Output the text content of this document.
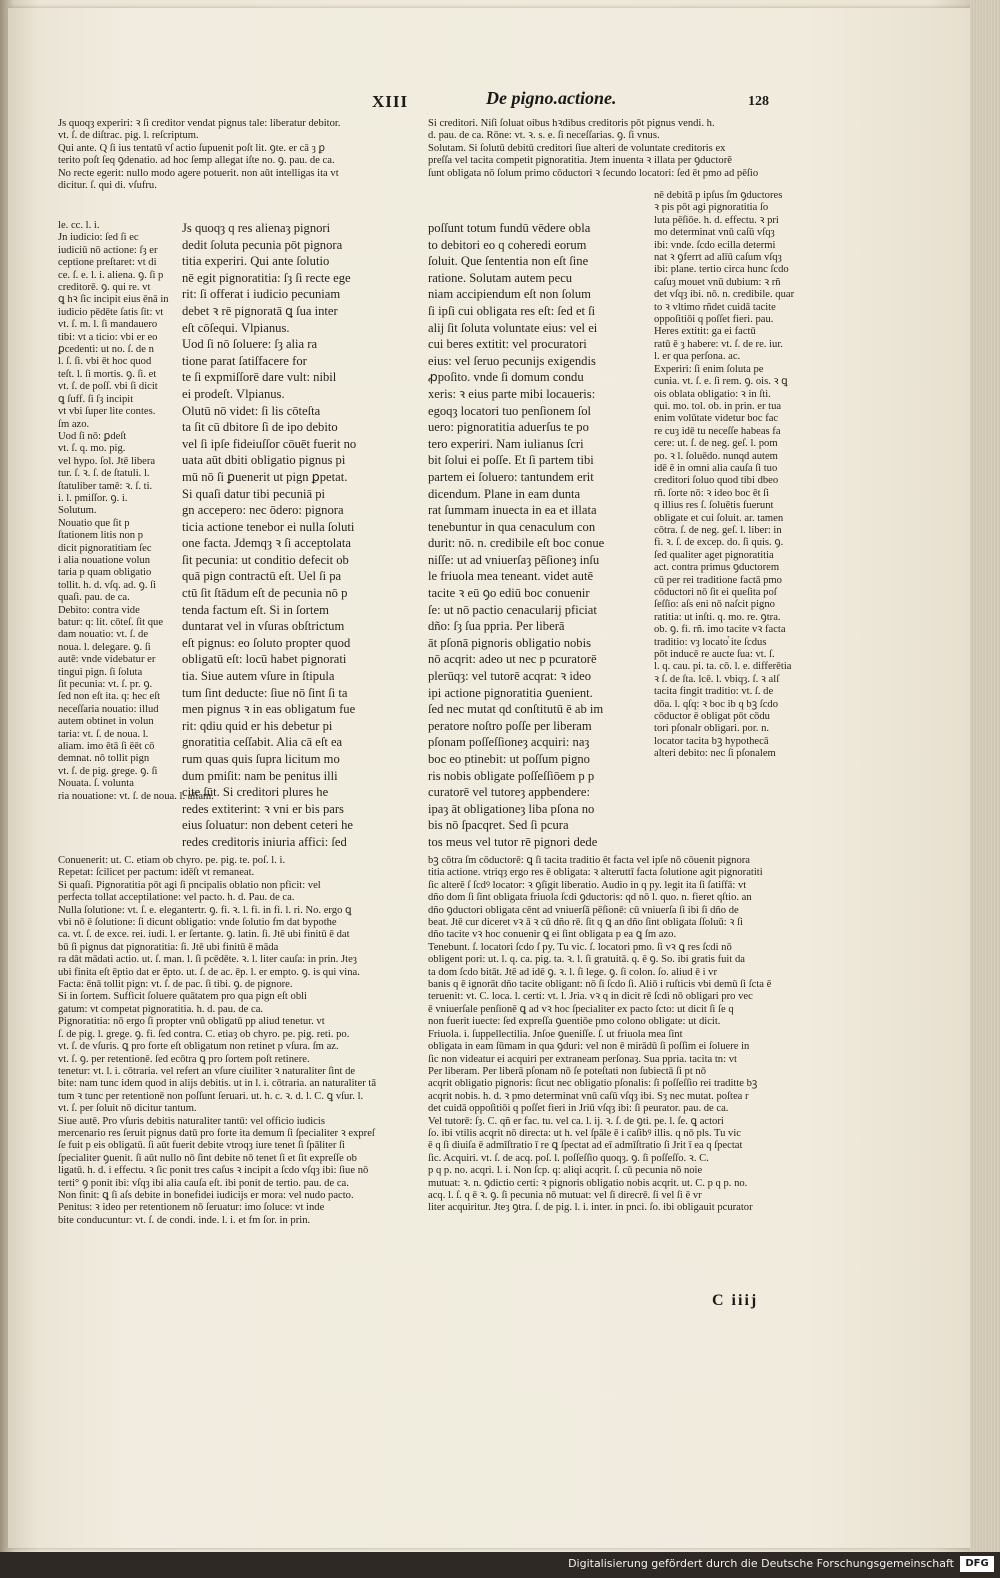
XIII	De pigno.actione.	128

Js quoqȝ experiri: ꝛ ſi creditor vendat pignus tale: liberatur debitor.

vt. ſ. de diſtrac. pig. l. reſcriptum.

Qui ante. Q ſi ius tentatū vſ actio ſupuenit poſt lit. ꝯte. er cā ȝ ꝑ

terito poſt ſeq ꝯdenatio. ad hoc ſemp allegat iſte no. ꝯ. pau. de ca.

No recte egerit: nullo modo agere potuerit. non aūt intelligas ita vt

dicitur. ſ. qui di. vſufru.

Si creditori. Niſi ſoluat oibus hꝛdibus creditoris pōt pignus vendi. h.

d. pau. de ca. Rōne: vt. ꝛ. s. e. ſi neceſſarias. ꝯ. ſi vnus.

Solutam. Si ſolutū debitū creditori ſiue alteri de voluntate creditoris ex

preſſa vel tacita competit pignoratitia. Jtem inuenta ꝛ illata per ꝯductorē

ſunt obligata nō ſolum primo cōductori ꝛ ſecundo locatori: ſed ēt pmo ad pēſio

le. cc. l. i.

Jn iudicio: ſed ſi ec

iudiciū nō actione: ſȝ er

ceptione preſtaret: vt di

ce. ſ. e. l. i. aliena. ꝯ. ſi p

creditorē. ꝯ. qui re. vt

ꝗ hꝛ ſic incipit eius ēnā in

iudicio pēdēte ſatis ſit: vt

vt. ſ. m. l. ſi mandauero

tibi: vt a ticio: vbi er eo

ꝑcedenti: ut no. ſ. de n

l. ſ. ſi. vbi ēt hoc quod

teſt. l. ſi mortis. ꝯ. ſi. et

vt. ſ. de poſſ. vbi ſi dicit

ꝗ ſuff. ſi ſȝ incipit

vt vbi ſuper lite contes.

ſm azo.

Uod ſi nō: ꝑdeſt

vt. ſ. q. mo. pig.

vel hypo. ſol. Jtē libera

tur. ſ. ꝛ. ſ. de ſtatuli. l.

ſtatuliber tamē: ꝛ. ſ. ti.

i. l. pmiſſor. ꝯ. i.

Solutum.

Nouatio que ſit p

ſtationem litis non p

dicit pignoratitiam ſec

i alia nouatione volun

taria p quam obligatio

tollit. h. d. vſq. ad. ꝯ. ſi

quaſi. pau. de ca.

Debito: contra vide

batur: q: lit. cōteſ. ſit que

dam nouatio: vt. ſ. de

noua. l. delegare. ꝯ. ſi

autē: vnde videbatur er

tingui pign. ſi ſoluta

ſit pecunia: vt. ſ. pr. ꝯ.

ſed non eſt ita. q: hec eſt

neceſſaria nouatio: illud

autem obtinet in volun

taria: vt. ſ. de noua. l.

aliam. imo ētā ſi ēēt cō

demnat. nō tollit pign

vt. ſ. de pig. grege. ꝯ. ſi

Nouata. ſ. volunta

ria nouatione: vt. ſ. de noua. l. aliam.

Js quoqȝ q res alienaȝ pignori

dedit ſoluta pecunia pōt pignora

titia experiri. Qui ante ſolutio

nē egit pignoratitia: ſȝ ſi recte ege

rit: ſi offerat i iudicio pecuniam

debet ꝛ rē pignoratā ꝗ ſua inter

eſt cōſequi. Vlpianus.

Uod ſi nō ſoluere: ſȝ alia ra

tione parat ſatiſfacere for

te ſi expmiſſorē dare vult: nibil

ei prodeſt. Vlpianus.

Olutū nō videt: ſi lis cōteſta

ta ſit cū dbitore ſi de ipo debito

vel ſi ipſe fideiuſſor cōuēt fuerit no

uata aūt dbiti obligatio pignus pi

mū nō ſi ꝑuenerit ut pign ꝑpetat.

Si quaſi datur tibi pecuniā pi

gn accepero: nec ōdero: pignora

ticia actione tenebor ei nulla ſoluti

one facta. Jdemqȝ ꝛ ſi acceptolata

ſit pecunia: ut conditio defecit ob

quā pign contractū eſt. Uel ſi pa

ctū ſit ſtādum eſt de pecunia nō p

tenda factum eſt. Si in ſortem

duntarat vel in vſuras obſtrictum

eſt pignus: eo ſoluto propter quod

obligatū eſt: locū habet pignorati

tia. Siue autem vſure in ſtipula

tum ſint deducte: ſiue nō ſint ſi ta

men pignus ꝛ in eas obligatum fue

rit: qdiu quid er his debetur pi

gnoratitia ceſſabit. Alia cā eſt ea

rum quas quis ſupra licitum mo

dum pmiſit: nam be penitus illi

cite ſūt. Si creditori plures he

redes extiterint: ꝛ vni er bis pars

eius ſoluatur: non debent ceteri he

redes creditoris iniuria affici: ſed

poſſunt totum fundū vēdere obla

to debitori eo q coheredi eorum

ſoluit. Que ſententia non eſt ſine

ratione. Solutam autem pecu

niam accipiendum eſt non ſolum

ſi ipſi cui obligata res eſt: ſed et ſi

alij ſit ſoluta voluntate eius: vel ei

cui beres extitit: vel procuratori

eius: vel ſeruo pecunijs exigendis

ꝓpoſito. vnde ſi domum condu

xeris: ꝛ eius parte mibi locaueris:

egoqȝ locatori tuo penſionem ſol

uero: pignoratitia aduerſus te po

tero experiri. Nam iulianus ſcri

bit ſolui ei poſſe. Et ſi partem tibi

partem ei ſoluero: tantundem erit

dicendum. Plane in eam dunta

rat ſummam inuecta in ea et illata

tenebuntur in qua cenaculum con

durit: nō. n. credibile eſt boc conue

niſſe: ut ad vniuerſaȝ pēſioneȝ inſu

le friuola mea teneant. videt autē

tacite ꝛ eū ꝯo ediū boc conuenir

ſe: ut nō pactio cenacularij pficiat

dño: ſȝ ſua ppria. Per liberā

āt pſonā pignoris obligatio nobis

nō acqrit: adeo ut nec p pcuratorē

plerūqȝ: vel tutorē acqrat: ꝛ ideo

ipi actione pignoratitia ꝯuenient.

ſed nec mutat qd conſtitutū ē ab im

peratore noſtro poſſe per liberam

pſonam poſſeſſioneȝ acquiri: naȝ

boc eo ptinebit: ut poſſum pigno

ris nobis obligate poſſeſſiōem p p

curatorē vel tutoreȝ appbendere:

ipaȝ āt obligationeȝ liba pſona no

bis nō ſpacqret. Sed ſi pcura

tos meus vel tutor rē pignori dede

nē debitā p ipſus ſm ꝯductores

ꝛ pis pōt agi pignoratitia ſo

luta pēſiōe. h. d. effectu. ꝛ pri

mo determinat vnū caſū vſqȝ

ibi: vnde. ſcdo ecilla determi

nat ꝛ ꝯferrt ad alīū caſum vſqȝ

ibi: plane. tertio circa hunc ſcdo

caſuȝ mouet vnū dubium: ꝛ rñ

det vſqȝ ibi. nō. n. credibile. quar

to ꝛ vltimo rñdet cuidā tacite

oppoſitiōi q poſſet fieri. pau.

Heres extitit: ga ei factū

ratū ē ȝ habere: vt. ſ. de re. iur.

l. er qua perſona. ac.

Experiri: ſi enim ſoluta pe

cunia. vt. ſ. e. ſi rem. ꝯ. ois. ꝛ ꝗ

ois oblata obligatio: ꝛ in ſti.

qui. mo. tol. ob. in prin. er tua

enim volūtate videtur boc fac

re cuȝ idē tu neceſſe habeas fa

cere: ut. ſ. de neg. geſ. l. pom

po. ꝛ l. ſoluēdo. nunqd autem

idē ē in omni alia cauſa ſi tuo

creditori ſoluo quod tibi dbeo

rñ. ſorte nō: ꝛ ideo boc ēt ſi

q illius res ſ. ſoluētis fuerunt

obligate et cui ſoluit. ar. tamen

cōtra. ſ. de neg. geſ. l. liber: in

fi. ꝛ. ſ. de excep. do. ſi quis. ꝯ.

ſed qualiter aget pignoratitia

act. contra primus ꝯductorem

cū per rei traditione factā pmo

cōductori nō ſit ei queſita poſ

ſeſſio: aſs eni nō naſcit pigno

ratitia: ut inſti. q. mo. re. ꝯtra.

ob. ꝯ. fi. rñ. imo tacite vꝛ facta

traditio: vȝ locatoⷮ ite ſcdus

pōt inducē re aucte ſua: vt. ſ.

l. q. cau. pi. ta. cō. l. e. differētia

ꝛ ſ. de ſta. lcē. l. vbiqȝ. ſ. ꝛ alſ

tacita fingit traditio: vt. ſ. de

dōa. l. qſq: ꝛ boc ib q bꝫ ſcdo

cōductor ē obligat pōt cōdu

tori pſonalr obligari. por. n.

locator tacita bꝫ hypothecā

alteri debito: nec ſi pſonalem

Conuenerit: ut. C. etiam ob chyro. pe. pig. te. poſ. l. i.

Repetat: ſcilicet per pactum: idēſt vt remaneat.

Si quaſi. Pignoratitia pōt agi ſi pncipalis oblatio non pficit: vel

perfecta tollat acceptilatione: vel pacto. h. d. Pau. de ca.

Nulla ſolutione: vt. ſ. e. elegantertr. ꝯ. fi. ꝛ. l. fi. in fi. l. ri. No. ergo ꝗ

vbi nō ē ſolutione: ſi dicunt obligatio: vnde ſolutio fm dat bypothe

ca. vt. ſ. de exce. rei. iudi. l. er ſertante. ꝯ. latin. ſi. Jtē ubi finitū ē dat

bū ſi pignus dat pignoratitia: ſi. Jtē ubi finitū ē māda

ra dāt mādati actio. ut. ſ. man. l. ſi pcēdēte. ꝛ. l. liter cauſa: in prin. Jteȝ

ubi finita eſt ēptio dat er ēpto. ut. ſ. de ac. ēp. l. er empto. ꝯ. is qui vina.

Facta: ēnā tollit pign: vt. ſ. de pac. ſi tibi. ꝯ. de pignore.

Si in ſortem. Sufficit ſoluere quātatem pro qua pign eſt obli

gatum: vt competat pignoratitia. h. d. pau. de ca.

Pignoratitia: nō ergo ſi propter vnū obligatū pp aliud tenetur. vt

ſ. de pig. l. grege. ꝯ. fi. ſed contra. C. etiaȝ ob chyro. pe. pig. reti. po.

vt. ſ. de vſuris. ꝗ pro forte eſt obligatum non retinet p vſura. ſm az.

vt. ſ. ꝯ. per retentionē. ſed ecōtra ꝗ pro ſortem poſt retinere.

tenetur: vt. l. i. cōtraria. vel refert an vſure ciuiliter ꝛ naturaliter ſint de

bite: nam tunc idem quod in alijs debitis. ut in l. i. cōtraria. an naturaliter tā

tum ꝛ tunc per retentionē non poſſunt ſeruari. ut. h. c. ꝛ. d. l. C. ꝗ vſur. l.

vt. ſ. per ſoluit nō dicitur tantum.

Siue autē. Pro vſuris debitis naturaliter tantū: vel officio iudicis

mercenario res ſeruit pignus datū pro forte ita demum ſi ſpecialiter ꝛ expreſ

ſe fuit p eis obligatū. ſi aūt fuerit debite vtroqȝ iure tenet ſi ſpāliter ſi

ſpecialiter ꝯuenit. ſi aūt nullo nō ſint debite nō tenet ſi et ſit expreſſe ob

ligatū. h. d. i effectu. ꝛ ſic ponit tres caſus ꝛ incipit a ſcdo vſqȝ ibi: ſiue nō

terti° ꝯ ponit ibi: vſqȝ ibi alia cauſa eſt. ibi ponit de tertio. pau. de ca.

Non finit: ꝗ ſi aſs debite in bonefidei iudicijs er mora: vel nudo pacto.

Penitus: ꝛ ideo per retentionem nō ſeruatur: imo ſoluce: vt inde

bite conducuntur: vt. ſ. de condi. inde. l. i. et fm ſor. in prin.

bꝫ cōtra ſm cōductorē: ꝗ ſi tacita traditio ēt facta vel ipſe nō cōuenit pignora

titia actione. vtriqȝ ergo res ē obligata: ꝛ alteruttī facta ſolutione agit pignoratiti

ſic alterē ſ ſcdꝰ locator: ꝛ ꝯſigit liberatio. Audio in q py. legit ita ſi ſatiſfā: vt

dño dom ſi ſint obligata friuola ſcdi ꝯductoris: qd nō l. quo. n. fieret qſtio. an

dño ꝯductori obligata cēnt ad vniuerſā pēſionē: cū vniuerſa ſi ibi ſi dño de

beat. Jtē cur diceret vꝛ ā ꝛ cū dño rē. ſit q ꝗ an dño ſint obligata ſſoluū: ꝛ ſi

dño tacite vꝛ hoc conuenir ꝗ ei ſint obligata p ea ꝗ ſm azo.

Tenebunt. ſ. locatori ſcdo ſ py. Tu vic. ſ. locatori pmo. ſi vꝛ ꝗ res ſcdi nō

obligent pori: ut. l. q. ca. pig. ta. ꝛ. l. ſi gratuitā. q. ē ꝯ. So. ibi gratis fuit da

ta dom ſcdo bitāt. Jtē ad idē ꝯ. ꝛ. l. ſi lege. ꝯ. ſi colon. ſo. aliud ē i vr

banis q ē ignorāt dño tacite obligant: nō ſi ſcdo ſi. Aliō i ruſticis vbi demū ſi ſcta ē

teruenit: vt. C. loca. l. certi: vt. l. Jria. vꝛ q in dicit rē ſcdi nō obligari pro vec

ē vniuerſale penſionē ꝗ ad vꝛ hoc ſpecialiter ex pacto ſcto: ut dicit ſi ſe q

non fuerit iuecte: ſed expreſſa ꝯuentiōe pmo colono obligate: ut dicit.

Friuola. i. ſuppellectilia. Jnſoe ꝯueniſſe. ſ. ut friuola mea ſint

obligata in eam ſūmam in qua ꝯduri: vel non ē mirādū ſi poſſim ei ſoluere in

ſic non videatur ei acquiri per extraneam perſonaȝ. Sua ppria. tacita tn: vt

Per liberam. Per liberā pſonam nō ſe poteſtati non ſubiectā ſi pt nō

acqrit obligatio pignoris: ſicut nec obligatio pſonalis: ſi poſſeſſio rei traditte bꝫ

acqrit nobis. h. d. ꝛ pmo determinat vnū caſū vſqȝ ibi. Sȝ nec mutat. poſtea r

det cuidā oppoſitiōi q poſſet fieri in Jriū vſqȝ ibi: ſi peurator. pau. de ca.

Vel tutorē: ſȝ. C. qñ er fac. tu. vel ca. l. ij. ꝛ. ſ. de ꝯti. pe. l. ſe. ꝗ actori

ſo. ibi vtilis acqrit nō directa: ut h. vel ſpāle ē i caſibꝰ illis. q nō pls. Tu vic

ē q ſi diuiſa ē admīſtratio ī re ꝗ ſpectat ad eī admīſtratio ſi Jrit ī ea q ſpectat

ſic. Acquiri. vt. ſ. de acq. poſ. l. poſſeſſio quoqȝ. ꝯ. ſi poſſeſſo. ꝛ. C.

p q p. no. acqri. l. i. Non ſcp. q: aliqi acqrit. ſ. cū pecunia nō noie

mutuat: ꝛ. n. ꝯdictio certi: ꝛ pignoris obligatio nobis acqrit. ut. C. p q p. no.

acq. l. ſ. q ē ꝛ. ꝯ. ſi pecunia nō mutuat: vel ſi direcrē. ſi vel ſi ē vr

liter acquiritur. Jteȝ ꝯtra. ſ. de pig. l. i. inter. in pnci. ſo. ibi obligauit pcurator

C iiij
Digitalisierung gefördert durch die Deutsche Forschungsgemeinschaft	DFG
